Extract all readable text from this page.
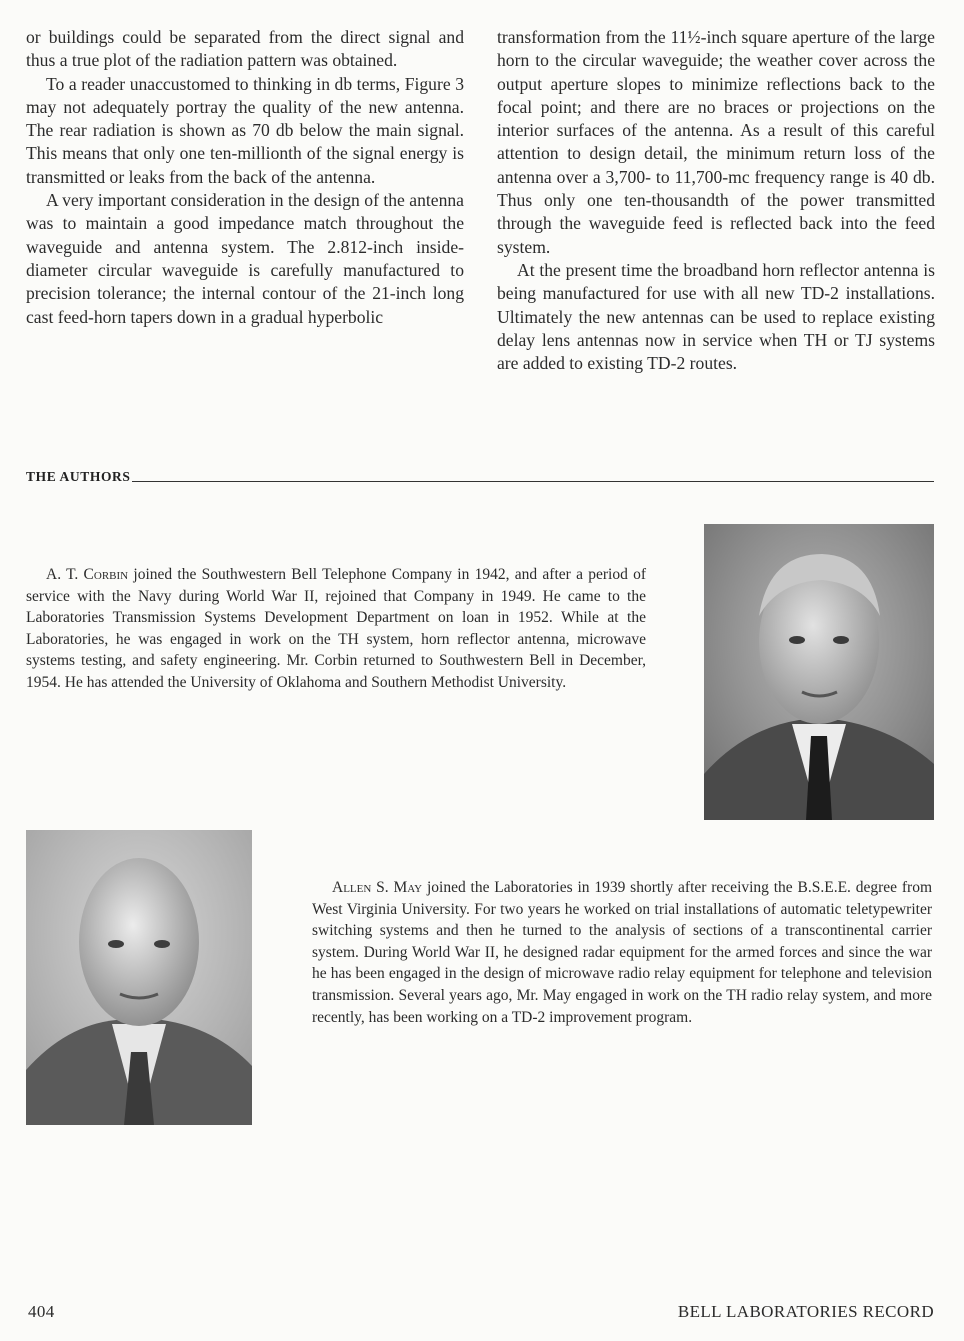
or buildings could be separated from the direct signal and thus a true plot of the radiation pattern was obtained.

To a reader unaccustomed to thinking in db terms, Figure 3 may not adequately portray the quality of the new antenna. The rear radiation is shown as 70 db below the main signal. This means that only one ten-millionth of the signal energy is transmitted or leaks from the back of the antenna.

A very important consideration in the design of the antenna was to maintain a good impedance match throughout the waveguide and antenna system. The 2.812-inch inside-diameter circular waveguide is carefully manufactured to precision tolerance; the internal contour of the 21-inch long cast feed-horn tapers down in a gradual hyperbolic

transformation from the 11½-inch square aperture of the large horn to the circular waveguide; the weather cover across the output aperture slopes to minimize reflections back to the focal point; and there are no braces or projections on the interior surfaces of the antenna. As a result of this careful attention to design detail, the minimum return loss of the antenna over a 3,700- to 11,700-mc frequency range is 40 db. Thus only one ten-thousandth of the power transmitted through the waveguide feed is reflected back into the feed system.

At the present time the broadband horn reflector antenna is being manufactured for use with all new TD-2 installations. Ultimately the new antennas can be used to replace existing delay lens antennas now in service when TH or TJ systems are added to existing TD-2 routes.

THE AUTHORS

A. T. Corbin joined the Southwestern Bell Telephone Company in 1942, and after a period of service with the Navy during World War II, rejoined that Company in 1949. He came to the Laboratories Transmission Systems Development Department on loan in 1952. While at the Laboratories, he was engaged in work on the TH system, horn reflector antenna, microwave systems testing, and safety engineering. Mr. Corbin returned to Southwestern Bell in December, 1954. He has attended the University of Oklahoma and Southern Methodist University.

Allen S. May joined the Laboratories in 1939 shortly after receiving the B.S.E.E. degree from West Virginia University. For two years he worked on trial installations of automatic teletypewriter switching systems and then he turned to the analysis of sections of a transcontinental carrier system. During World War II, he designed radar equipment for the armed forces and since the war he has been engaged in the design of microwave radio relay equipment for telephone and television transmission. Several years ago, Mr. May engaged in work on the TH radio relay system, and more recently, has been working on a TD-2 improvement program.

404	BELL LABORATORIES RECORD
